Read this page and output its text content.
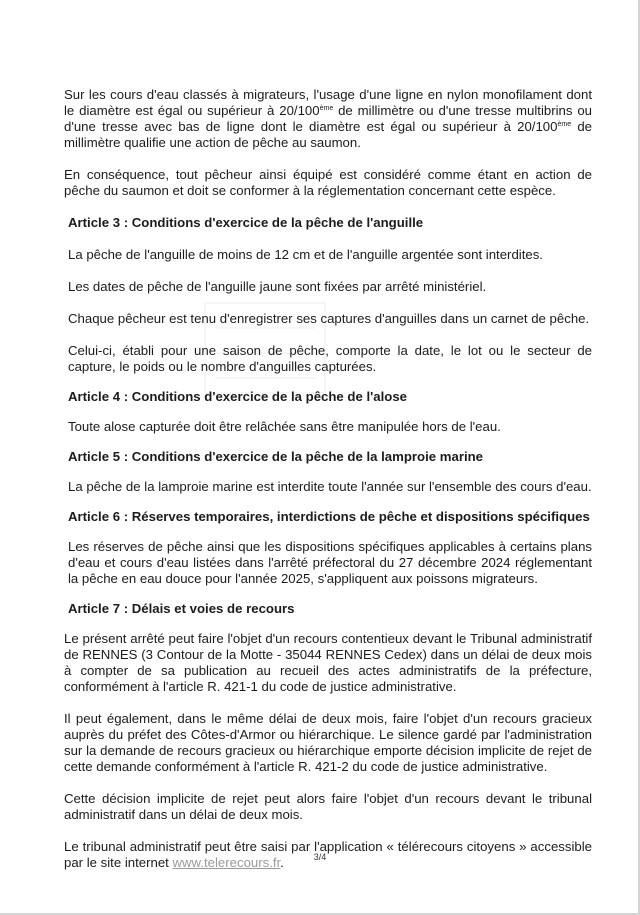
Sur les cours d'eau classés à migrateurs, l'usage d'une ligne en nylon monofilament dont le diamètre est égal ou supérieur à 20/100ème de millimètre ou d'une tresse multibrins ou d'une tresse avec bas de ligne dont le diamètre est égal ou supérieur à 20/100ème de millimètre qualifie une action de pêche au saumon.

En conséquence, tout pêcheur ainsi équipé est considéré comme étant en action de pêche du saumon et doit se conformer à la réglementation concernant cette espèce.

Article 3 : Conditions d'exercice de la pêche de l'anguille

La pêche de l'anguille de moins de 12 cm et de l'anguille argentée sont interdites.

Les dates de pêche de l'anguille jaune sont fixées par arrêté ministériel.

Chaque pêcheur est tenu d'enregistrer ses captures d'anguilles dans un carnet de pêche.

Celui-ci, établi pour une saison de pêche, comporte la date, le lot ou le secteur de capture, le poids ou le nombre d'anguilles capturées.

Article 4 : Conditions d'exercice de la pêche de l'alose

Toute alose capturée doit être relâchée sans être manipulée hors de l'eau.

Article 5 : Conditions d'exercice de la pêche de la lamproie marine

La pêche de la lamproie marine est interdite toute l'année sur l'ensemble des cours d'eau.

Article 6 : Réserves temporaires, interdictions de pêche et dispositions spécifiques

Les réserves de pêche ainsi que les dispositions spécifiques applicables à certains plans d'eau et cours d'eau listées dans l'arrêté préfectoral du 27 décembre 2024 réglementant la pêche en eau douce pour l'année 2025, s'appliquent aux poissons migrateurs.

Article 7 : Délais et voies de recours

Le présent arrêté peut faire l'objet d'un recours contentieux devant le Tribunal administratif de RENNES (3 Contour de la Motte - 35044 RENNES Cedex) dans un délai de deux mois à compter de sa publication au recueil des actes administratifs de la préfecture, conformément à l'article R. 421-1 du code de justice administrative.

Il peut également, dans le même délai de deux mois, faire l'objet d'un recours gracieux auprès du préfet des Côtes-d'Armor ou hiérarchique. Le silence gardé par l'administration sur la demande de recours gracieux ou hiérarchique emporte décision implicite de rejet de cette demande conformément à l'article R. 421-2 du code de justice administrative.

Cette décision implicite de rejet peut alors faire l'objet d'un recours devant le tribunal administratif dans un délai de deux mois.

Le tribunal administratif peut être saisi par l'application « télérecours citoyens » accessible par le site internet www.telerecours.fr.	3/4
